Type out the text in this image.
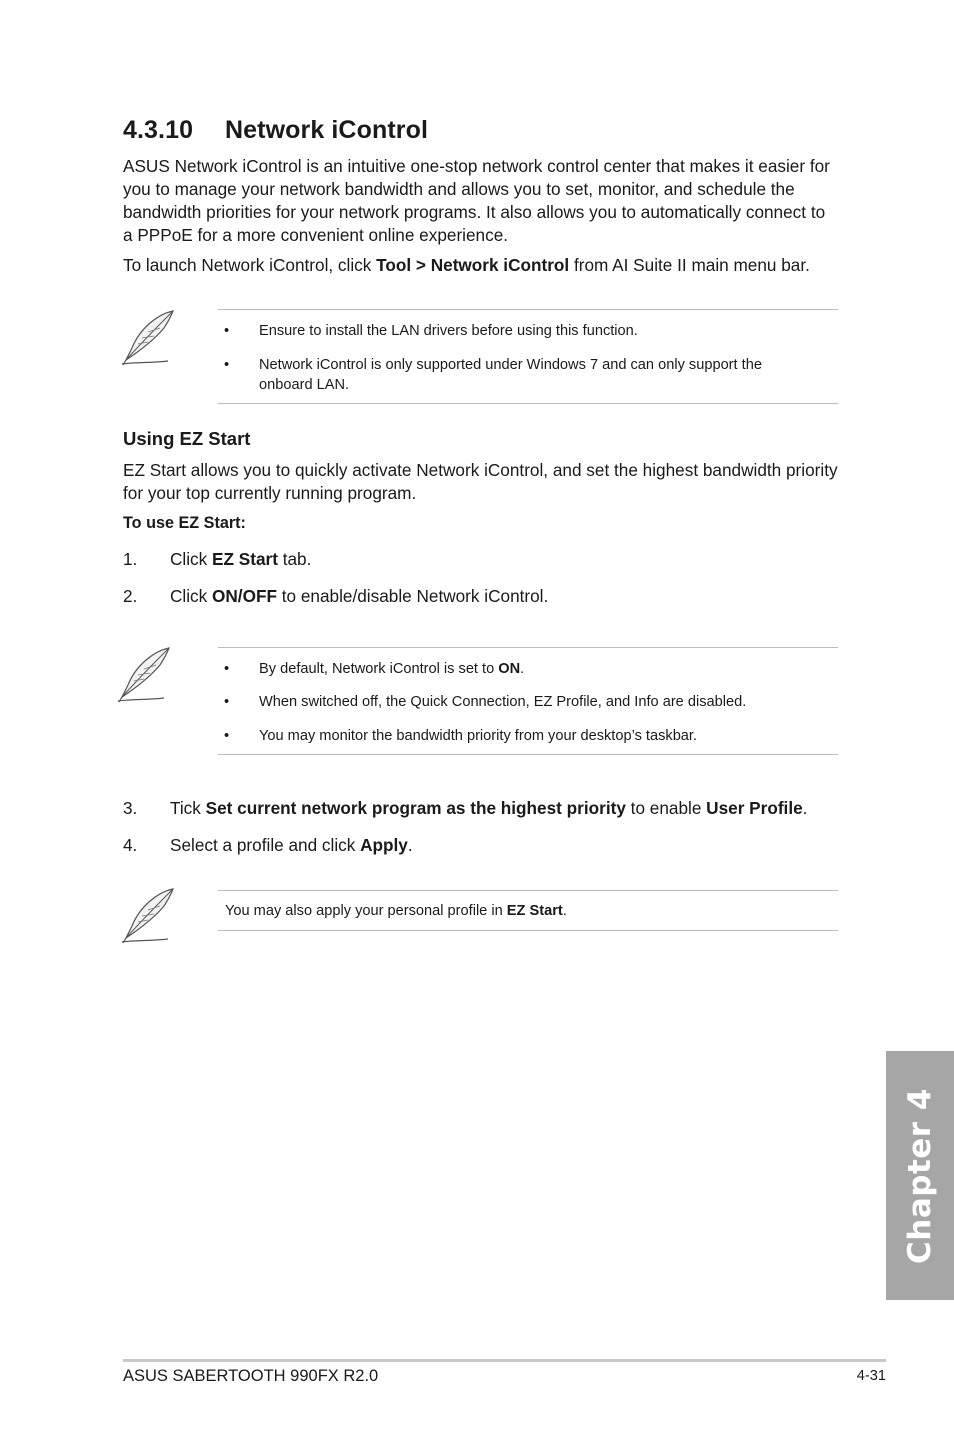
4.3.10 Network iControl

ASUS Network iControl is an intuitive one-stop network control center that makes it easier for you to manage your network bandwidth and allows you to set, monitor, and schedule the bandwidth priorities for your network programs. It also allows you to automatically connect to a PPPoE for a more convenient online experience.

To launch Network iControl, click Tool > Network iControl from AI Suite II main menu bar.

• Ensure to install the LAN drivers before using this function.
• Network iControl is only supported under Windows 7 and can only support the onboard LAN.
Using EZ Start

EZ Start allows you to quickly activate Network iControl, and set the highest bandwidth priority for your top currently running program.

To use EZ Start:

1. Click EZ Start tab.
2. Click ON/OFF to enable/disable Network iControl.
• By default, Network iControl is set to ON.
• When switched off, the Quick Connection, EZ Profile, and Info are disabled.
• You may monitor the bandwidth priority from your desktop’s taskbar.
3. Tick Set current network program as the highest priority to enable User Profile.
4. Select a profile and click Apply.
You may also apply your personal profile in EZ Start.
Chapter 4
ASUS SABERTOOTH 990FX R2.0	4-31
